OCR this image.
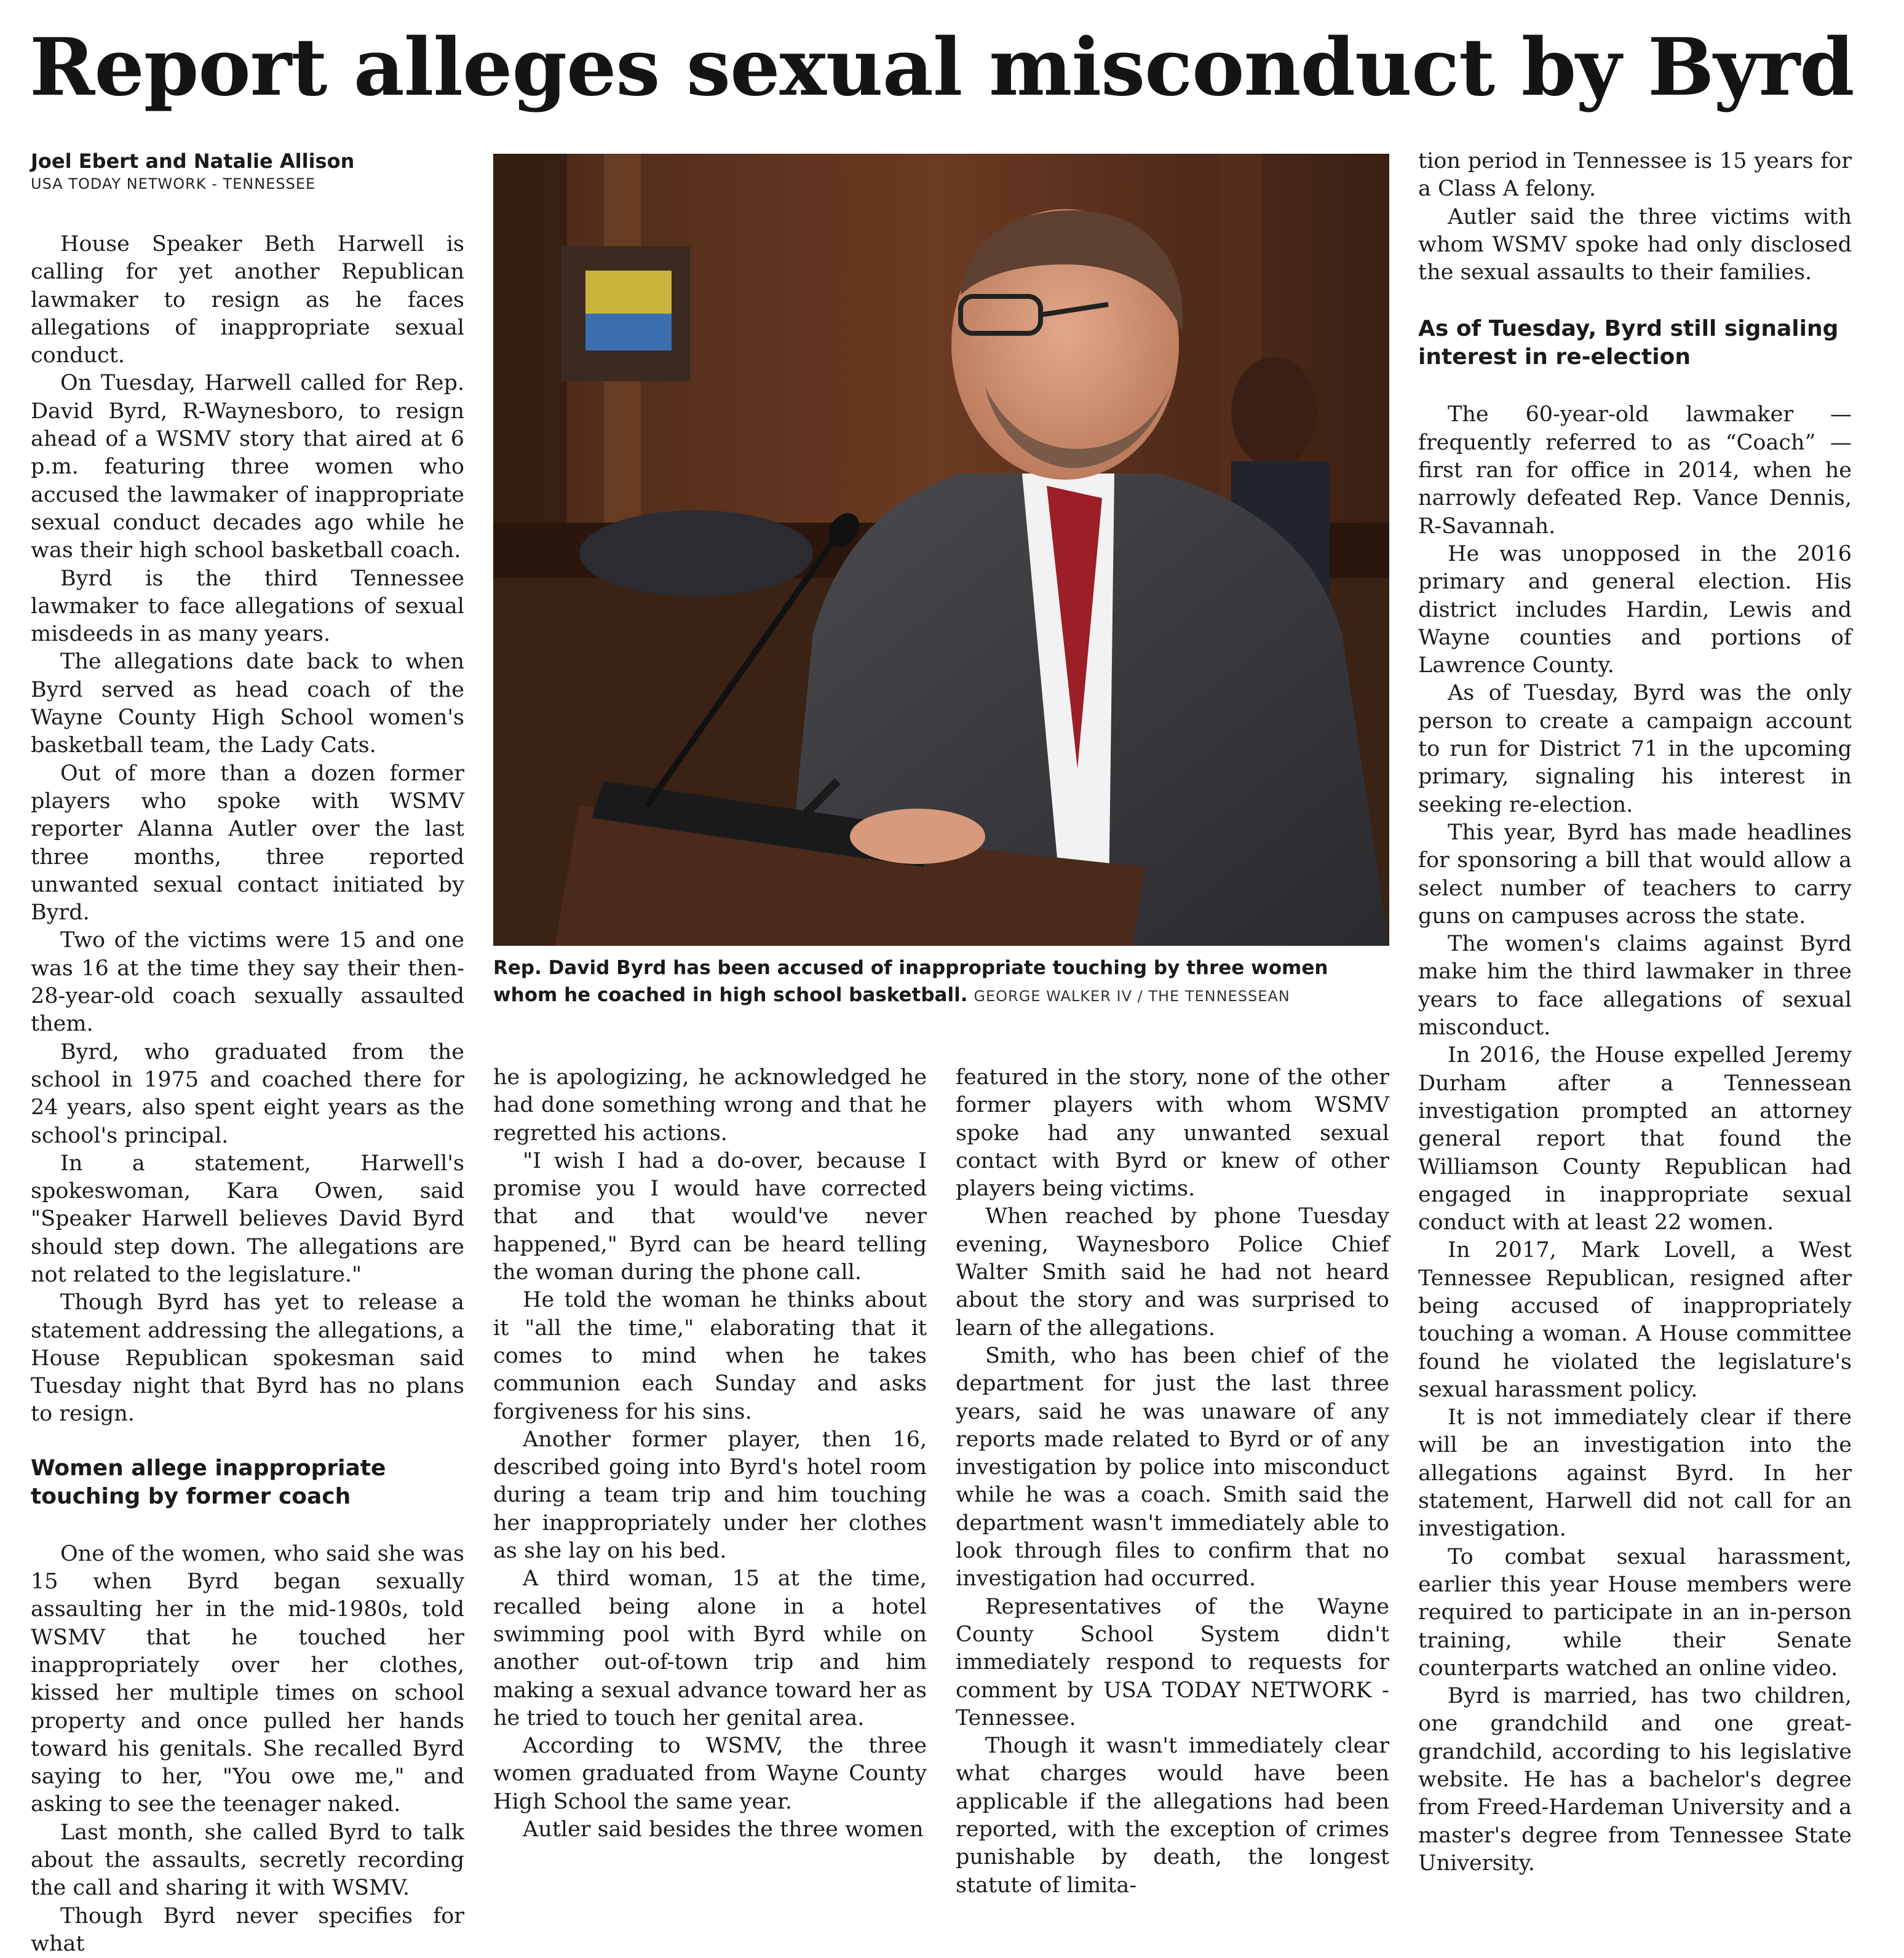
Report alleges sexual misconduct by Byrd
Joel Ebert and Natalie Allison
USA TODAY NETWORK - TENNESSEE
Rep. David Byrd has been accused of inappropriate touching by three women whom he coached in high school basketball. GEORGE WALKER IV / THE TENNESSEAN

House Speaker Beth Harwell is calling for yet another Republican lawmaker to resign as he faces allegations of inappropriate sexual conduct.

On Tuesday, Harwell called for Rep. David Byrd, R-Waynesboro, to resign ahead of a WSMV story that aired at 6 p.m. featuring three women who accused the lawmaker of inappropriate sexual conduct decades ago while he was their high school basketball coach.

Byrd is the third Tennessee lawmaker to face allegations of sexual misdeeds in as many years.

The allegations date back to when Byrd served as head coach of the Wayne County High School women's basketball team, the Lady Cats.

Out of more than a dozen former players who spoke with WSMV reporter Alanna Autler over the last three months, three reported unwanted sexual contact initiated by Byrd.

Two of the victims were 15 and one was 16 at the time they say their then-28-year-old coach sexually assaulted them.

Byrd, who graduated from the school in 1975 and coached there for 24 years, also spent eight years as the school's principal.

In a statement, Harwell's spokeswoman, Kara Owen, said "Speaker Harwell believes David Byrd should step down. The allegations are not related to the legislature."

Though Byrd has yet to release a statement addressing the allegations, a House Republican spokesman said Tuesday night that Byrd has no plans to resign.

Women allege inappropriate touching by former coach

One of the women, who said she was 15 when Byrd began sexually assaulting her in the mid-1980s, told WSMV that he touched her inappropriately over her clothes, kissed her multiple times on school property and once pulled her hands toward his genitals. She recalled Byrd saying to her, "You owe me," and asking to see the teenager naked.

Last month, she called Byrd to talk about the assaults, secretly recording the call and sharing it with WSMV.

Though Byrd never specifies for what

he is apologizing, he acknowledged he had done something wrong and that he regretted his actions.

"I wish I had a do-over, because I promise you I would have corrected that and that would've never happened," Byrd can be heard telling the woman during the phone call.

He told the woman he thinks about it "all the time," elaborating that it comes to mind when he takes communion each Sunday and asks forgiveness for his sins.

Another former player, then 16, described going into Byrd's hotel room during a team trip and him touching her inappropriately under her clothes as she lay on his bed.

A third woman, 15 at the time, recalled being alone in a hotel swimming pool with Byrd while on another out-of-town trip and him making a sexual advance toward her as he tried to touch her genital area.

According to WSMV, the three women graduated from Wayne County High School the same year.

Autler said besides the three women

featured in the story, none of the other former players with whom WSMV spoke had any unwanted sexual contact with Byrd or knew of other players being victims.

When reached by phone Tuesday evening, Waynesboro Police Chief Walter Smith said he had not heard about the story and was surprised to learn of the allegations.

Smith, who has been chief of the department for just the last three years, said he was unaware of any reports made related to Byrd or of any investigation by police into misconduct while he was a coach. Smith said the department wasn't immediately able to look through files to confirm that no investigation had occurred.

Representatives of the Wayne County School System didn't immediately respond to requests for comment by USA TODAY NETWORK - Tennessee.

Though it wasn't immediately clear what charges would have been applicable if the allegations had been reported, with the exception of crimes punishable by death, the longest statute of limita-

tion period in Tennessee is 15 years for a Class A felony.

Autler said the three victims with whom WSMV spoke had only disclosed the sexual assaults to their families.

As of Tuesday, Byrd still signaling interest in re-election

The 60-year-old lawmaker — frequently referred to as “Coach” — first ran for office in 2014, when he narrowly defeated Rep. Vance Dennis, R-Savannah.

He was unopposed in the 2016 primary and general election. His district includes Hardin, Lewis and Wayne counties and portions of Lawrence County.

As of Tuesday, Byrd was the only person to create a campaign account to run for District 71 in the upcoming primary, signaling his interest in seeking re-election.

This year, Byrd has made headlines for sponsoring a bill that would allow a select number of teachers to carry guns on campuses across the state.

The women's claims against Byrd make him the third lawmaker in three years to face allegations of sexual misconduct.

In 2016, the House expelled Jeremy Durham after a Tennessean investigation prompted an attorney general report that found the Williamson County Republican had engaged in inappropriate sexual conduct with at least 22 women.

In 2017, Mark Lovell, a West Tennessee Republican, resigned after being accused of inappropriately touching a woman. A House committee found he violated the legislature's sexual harassment policy.

It is not immediately clear if there will be an investigation into the allegations against Byrd. In her statement, Harwell did not call for an investigation.

To combat sexual harassment, earlier this year House members were required to participate in an in-person training, while their Senate counterparts watched an online video.

Byrd is married, has two children, one grandchild and one great-grandchild, according to his legislative website. He has a bachelor's degree from Freed-Hardeman University and a master's degree from Tennessee State University.
